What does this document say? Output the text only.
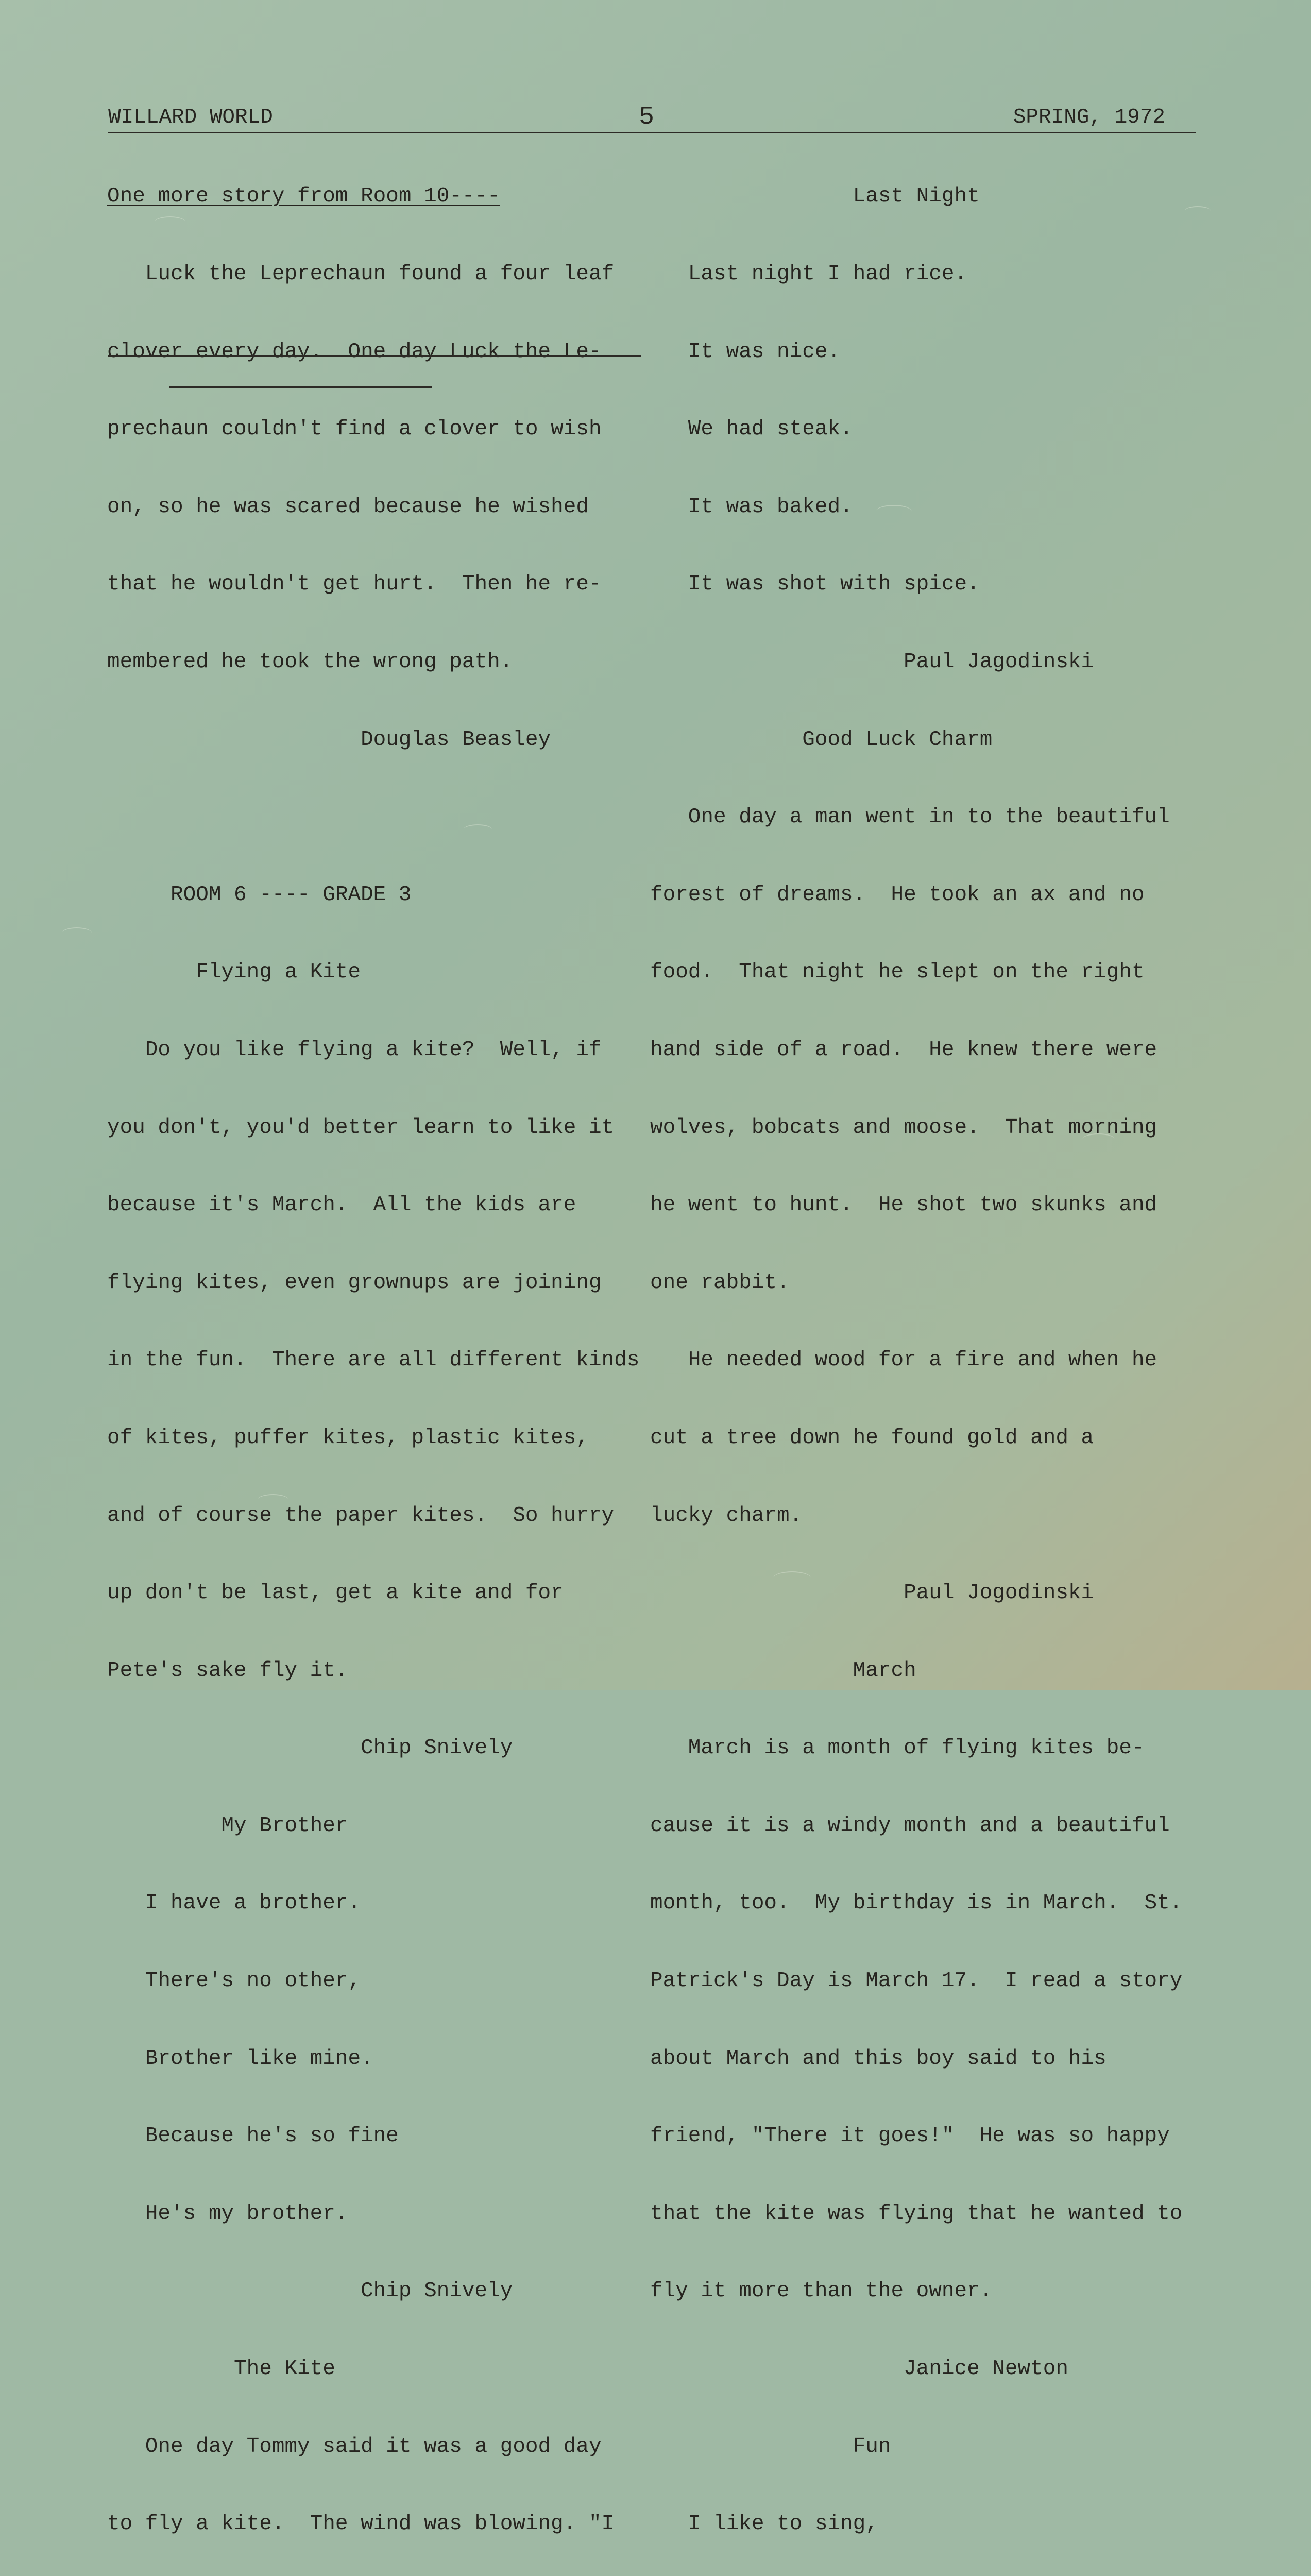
WILLARD WORLD	5	SPRING, 1972

One more story from Room 10----

Luck the Leprechaun found a four leaf

clover every day.  One day Luck the Le-

prechaun couldn't find a clover to wish

on, so he was scared because he wished

that he wouldn't get hurt.  Then he re-

membered he took the wrong path.

Douglas Beasley

ROOM 6 ---- GRADE 3

Flying a Kite

Do you like flying a kite?  Well, if

you don't, you'd better learn to like it

because it's March.  All the kids are

flying kites, even grownups are joining

in the fun.  There are all different kinds

of kites, puffer kites, plastic kites,

and of course the paper kites.  So hurry

up don't be last, get a kite and for

Pete's sake fly it.

Chip Snively

My Brother

I have a brother.

There's no other,

Brother like mine.

Because he's so fine

He's my brother.

Chip Snively

The Kite

One day Tommy said it was a good day

to fly a kite.  The wind was blowing. "I

Last Night

Last night I had rice.

It was nice.

We had steak.

It was baked.

It was shot with spice.

Paul Jagodinski

Good Luck Charm

One day a man went in to the beautiful

forest of dreams.  He took an ax and no

food.  That night he slept on the right

hand side of a road.  He knew there were

wolves, bobcats and moose.  That morning

he went to hunt.  He shot two skunks and

one rabbit.

He needed wood for a fire and when he

cut a tree down he found gold and a

lucky charm.

Paul Jogodinski

March

March is a month of flying kites be-

cause it is a windy month and a beautiful

month, too.  My birthday is in March.  St.

Patrick's Day is March 17.  I read a story

about March and this boy said to his

friend, "There it goes!"  He was so happy

that the kite was flying that he wanted to

fly it more than the owner.

Janice Newton

Fun

I like to sing,
